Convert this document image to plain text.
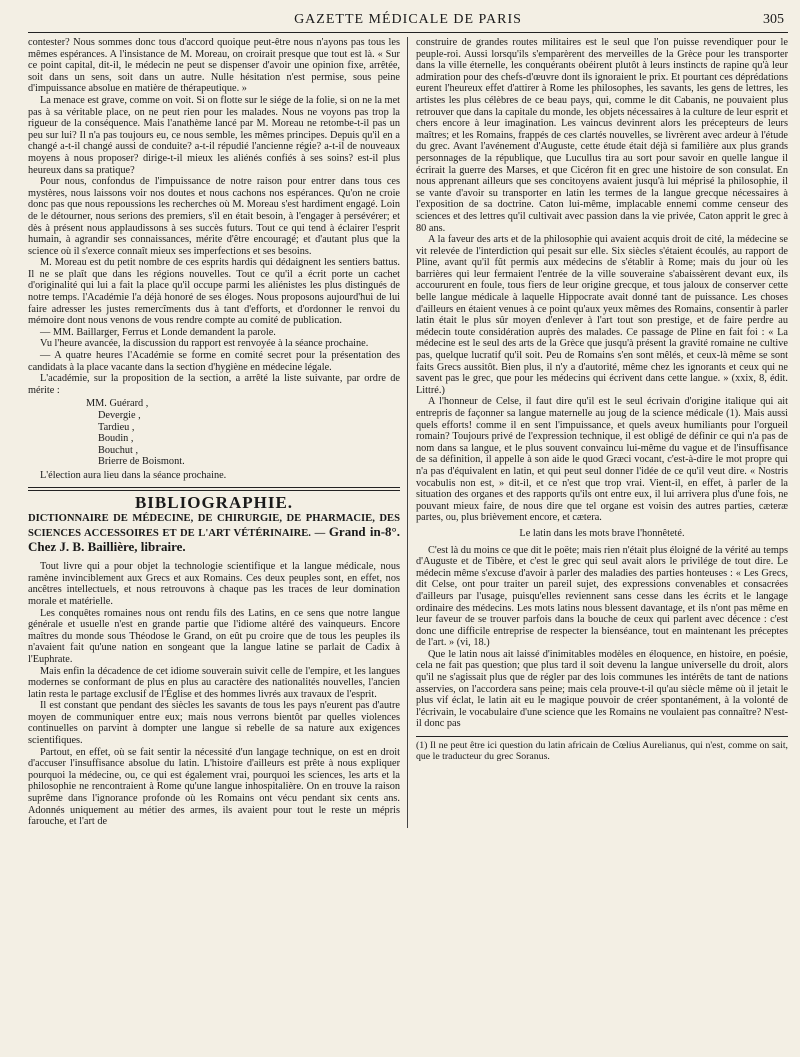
GAZETTE MÉDICALE DE PARIS	305

contester? Nous sommes donc tous d'accord quoique peut-être nous n'ayons pas tous les mêmes espérances. A l'insistance de M. Moreau, on croirait presque que tout est là. « Sur ce point capital, dit-il, le médecin ne peut se dispenser d'avoir une opinion fixe, arrêtée, soit dans un sens, soit dans un autre. Nulle hésitation n'est permise, sous peine d'impuissance absolue en matière de thérapeutique. »

La menace est grave, comme on voit. Si on flotte sur le siége de la folie, si on ne la met pas à sa véritable place, on ne peut rien pour les malades. Nous ne voyons pas trop la rigueur de la conséquence. Mais l'anathème lancé par M. Moreau ne retombe-t-il pas un peu sur lui? Il n'a pas toujours eu, ce nous semble, les mêmes principes. Depuis qu'il en a changé a-t-il changé aussi de conduite? a-t-il répudié l'ancienne régie? a-t-il de nouveaux moyens à nous proposer? dirige-t-il mieux les aliénés confiés à ses soins? est-il plus heureux dans sa pratique?

Pour nous, confondus de l'impuissance de notre raison pour entrer dans tous ces mystères, nous laissons voir nos doutes et nous cachons nos espérances. Qu'on ne croie donc pas que nous repoussions les recherches où M. Moreau s'est hardiment engagé. Loin de le détourner, nous serions des premiers, s'il en était besoin, à l'engager à persévérer; et dès à présent nous applaudissons à ses succès futurs. Tout ce qui tend à éclairer l'esprit humain, à agrandir ses connaissances, mérite d'être encouragé; et d'autant plus que la science où il s'exerce connaît mieux ses imperfections et ses besoins.

M. Moreau est du petit nombre de ces esprits hardis qui dédaignent les sentiers battus. Il ne se plaît que dans les régions nouvelles. Tout ce qu'il a écrit porte un cachet d'originalité qui lui a fait la place qu'il occupe parmi les aliénistes les plus distingués de notre temps. l'Académie l'a déjà honoré de ses éloges. Nous proposons aujourd'hui de lui faire adresser les justes remercîments dus à tant d'efforts, et d'ordonner le renvoi du mémoire dont nous venons de vous rendre compte au comité de publication.

— MM. Baillarger, Ferrus et Londe demandent la parole.

Vu l'heure avancée, la discussion du rapport est renvoyée à la séance prochaine.

— A quatre heures l'Académie se forme en comité secret pour la présentation des candidats à la place vacante dans la section d'hygiène en médecine légale.

L'académie, sur la proposition de la section, a arrêté la liste suivante, par ordre de mérite :

MM. Guérard ,
Devergie ,
Tardieu ,
Boudin ,
Bouchut ,
Brierre de Boismont.

L'élection aura lieu dans la séance prochaine.

BIBLIOGRAPHIE.
DICTIONNAIRE DE MÉDECINE, DE CHIRURGIE, DE PHARMACIE, DES SCIENCES ACCESSOIRES ET DE L'ART VÉTÉRINAIRE. — Grand in-8°. Chez J. B. Baillière, libraire.

Tout livre qui a pour objet la technologie scientifique et la langue médicale, nous ramène invinciblement aux Grecs et aux Romains. Ces deux peuples sont, en effet, nos ancêtres intellectuels, et nous retrouvons à chaque pas les traces de leur domination morale et matérielle.

Les conquêtes romaines nous ont rendu fils des Latins, en ce sens que notre langue générale et usuelle n'est en grande partie que l'idiome altéré des vainqueurs. Encore maîtres du monde sous Théodose le Grand, on eût pu croire que de tous les peuples ils n'avaient fait qu'une nation en songeant que la langue latine se parlait de Cadix à l'Euphrate.

Mais enfin la décadence de cet idiome souverain suivit celle de l'empire, et les langues modernes se conformant de plus en plus au caractère des nationalités nouvelles, l'ancien latin resta le partage exclusif de l'Église et des hommes livrés aux travaux de l'esprit.

Il est constant que pendant des siècles les savants de tous les pays n'eurent pas d'autre moyen de communiquer entre eux; mais nous verrons bientôt par quelles violences continuelles on parvint à dompter une langue si rebelle de sa nature aux exigences scientifiques.

Partout, en effet, où se fait sentir la nécessité d'un langage technique, on est en droit d'accuser l'insuffisance absolue du latin. L'histoire d'ailleurs est prête à nous expliquer pourquoi la médecine, ou, ce qui est également vrai, pourquoi les sciences, les arts et la philosophie ne rencontraient à Rome qu'une langue inhospitalière. On en trouve la raison suprême dans l'ignorance profonde où les Romains ont vécu pendant six cents ans. Adonnés uniquement au métier des armes, ils avaient pour tout le reste un mépris farouche, et l'art de

construire de grandes routes militaires est le seul que l'on puisse revendiquer pour le peuple-roi. Aussi lorsqu'ils s'emparèrent des merveilles de la Grèce pour les transporter dans la ville éternelle, les conquérants obéirent plutôt à leurs instincts de rapine qu'à leur admiration pour des chefs-d'œuvre dont ils ignoraient le prix. Et pourtant ces déprédations eurent l'heureux effet d'attirer à Rome les philosophes, les savants, les gens de lettres, les artistes les plus célèbres de ce beau pays, qui, comme le dit Cabanis, ne pouvaient plus retrouver que dans la capitale du monde, les objets nécessaires à la culture de leur esprit et chers encore à leur imagination. Les vaincus devinrent alors les précepteurs de leurs maîtres; et les Romains, frappés de ces clartés nouvelles, se livrèrent avec ardeur à l'étude du grec. Avant l'avénement d'Auguste, cette étude était déjà si familière aux plus grands personnages de la république, que Lucullus tira au sort pour savoir en quelle langue il écrirait la guerre des Marses, et que Cicéron fit en grec une histoire de son consulat. En nous apprenant ailleurs que ses concitoyens avaient jusqu'à lui méprisé la philosophie, il se vante d'avoir su transporter en latin les termes de la langue grecque nécessaires à l'exposition de sa doctrine. Caton lui-même, implacable ennemi comme censeur des sciences et des lettres qu'il cultivait avec passion dans la vie privée, Caton apprit le grec à 80 ans.

A la faveur des arts et de la philosophie qui avaient acquis droit de cité, la médecine se vit relevée de l'interdiction qui pesait sur elle. Six siècles s'étaient écoulés, au rapport de Pline, avant qu'il fût permis aux médecins de s'établir à Rome; mais du jour où les barrières qui leur fermaient l'entrée de la ville souveraine s'abaissèrent devant eux, ils accoururent en foule, tous fiers de leur origine grecque, et tous jaloux de conserver cette belle langue médicale à laquelle Hippocrate avait donné tant de puissance. Les choses d'ailleurs en étaient venues à ce point qu'aux yeux mêmes des Romains, consentir à parler latin était le plus sûr moyen d'enlever à l'art tout son prestige, et de faire perdre au médecin toute considération auprès des malades. Ce passage de Pline en fait foi : « La médecine est le seul des arts de la Grèce que jusqu'à présent la gravité romaine ne cultive pas, quelque lucratif qu'il soit. Peu de Romains s'en sont mêlés, et ceux-là même se sont faits Grecs aussitôt. Bien plus, il n'y a d'autorité, même chez les ignorants et ceux qui ne savent pas le grec, que pour les médecins qui écrivent dans cette langue. » (xxix, 8, édit. Littré.)

A l'honneur de Celse, il faut dire qu'il est le seul écrivain d'origine italique qui ait entrepris de façonner sa langue maternelle au joug de la science médicale (1). Mais aussi quels efforts! comme il en sent l'impuissance, et quels aveux humiliants pour l'orgueil romain? Toujours privé de l'expression technique, il est obligé de définir ce qui n'a pas de nom dans sa langue, et le plus souvent convaincu lui-même du vague et de l'insuffisance de sa définition, il appelle à son aide le quod Græci vocant, c'est-à-dire le mot propre qui n'a pas d'équivalent en latin, et qui peut seul donner l'idée de ce qu'il veut dire. « Nostris vocabulis non est, » dit-il, et ce n'est que trop vrai. Vient-il, en effet, à parler de la situation des organes et des rapports qu'ils ont entre eux, il lui arrivera plus d'une fois, ne pouvant mieux faire, de nous dire que tel organe est voisin des autres parties, cæteræ partes, ou, plus brièvement encore, et cætera.

Le latin dans les mots brave l'honnêteté.

C'est là du moins ce que dit le poëte; mais rien n'était plus éloigné de la vérité au temps d'Auguste et de Tibère, et c'est le grec qui seul avait alors le privilége de tout dire. Le médecin même s'excuse d'avoir à parler des maladies des parties honteuses : « Les Grecs, dit Celse, ont pour traiter un pareil sujet, des expressions convenables et consacrées d'ailleurs par l'usage, puisqu'elles reviennent sans cesse dans les écrits et le langage ordinaire des médecins. Les mots latins nous blessent davantage, et ils n'ont pas même en leur faveur de se trouver parfois dans la bouche de ceux qui parlent avec décence : c'est donc une difficile entreprise de respecter la bienséance, tout en maintenant les préceptes de l'art. » (vi, 18.)

Que le latin nous ait laissé d'inimitables modèles en éloquence, en histoire, en poésie, cela ne fait pas question; que plus tard il soit devenu la langue universelle du droit, alors qu'il ne s'agissait plus que de régler par des lois communes les intérêts de tant de nations asservies, on l'accordera sans peine; mais cela prouve-t-il qu'au siècle même où il jetait le plus vif éclat, le latin ait eu le magique pouvoir de créer spontanément, à la volonté de l'écrivain, le vocabulaire d'une science que les Romains ne voulaient pas connaître? N'est-il donc pas

(1) Il ne peut être ici question du latin africain de Cœlius Aurelianus, qui n'est, comme on sait, que le traducteur du grec Soranus.
